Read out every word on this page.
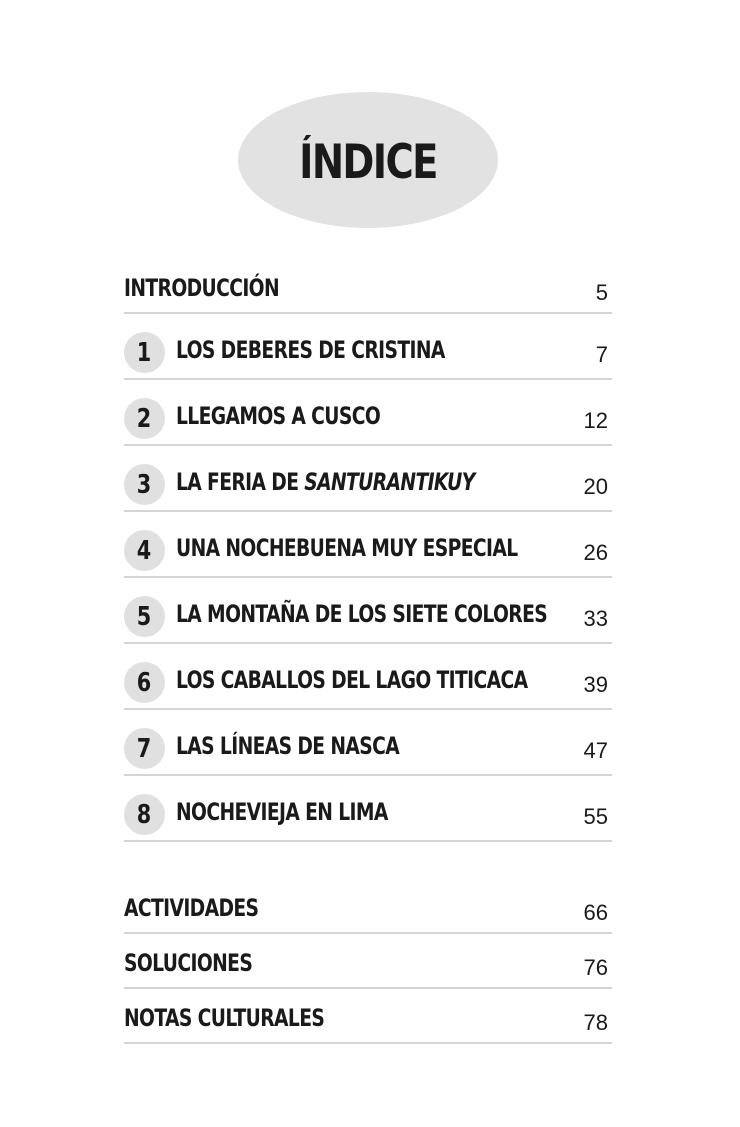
ÍNDICE
INTRODUCCIÓN	5
1 LOS DEBERES DE CRISTINA	7
2 LLEGAMOS A CUSCO	12
3 LA FERIA DE SANTURANTIKUY	20
4 UNA NOCHEBUENA MUY ESPECIAL	26
5 LA MONTAÑA DE LOS SIETE COLORES 33
6 LOS CABALLOS DEL LAGO TITICACA	39
7 LAS LÍNEAS DE NASCA	47
8 NOCHEVIEJA EN LIMA	55
ACTIVIDADES	66
SOLUCIONES	76
NOTAS CULTURALES	78
